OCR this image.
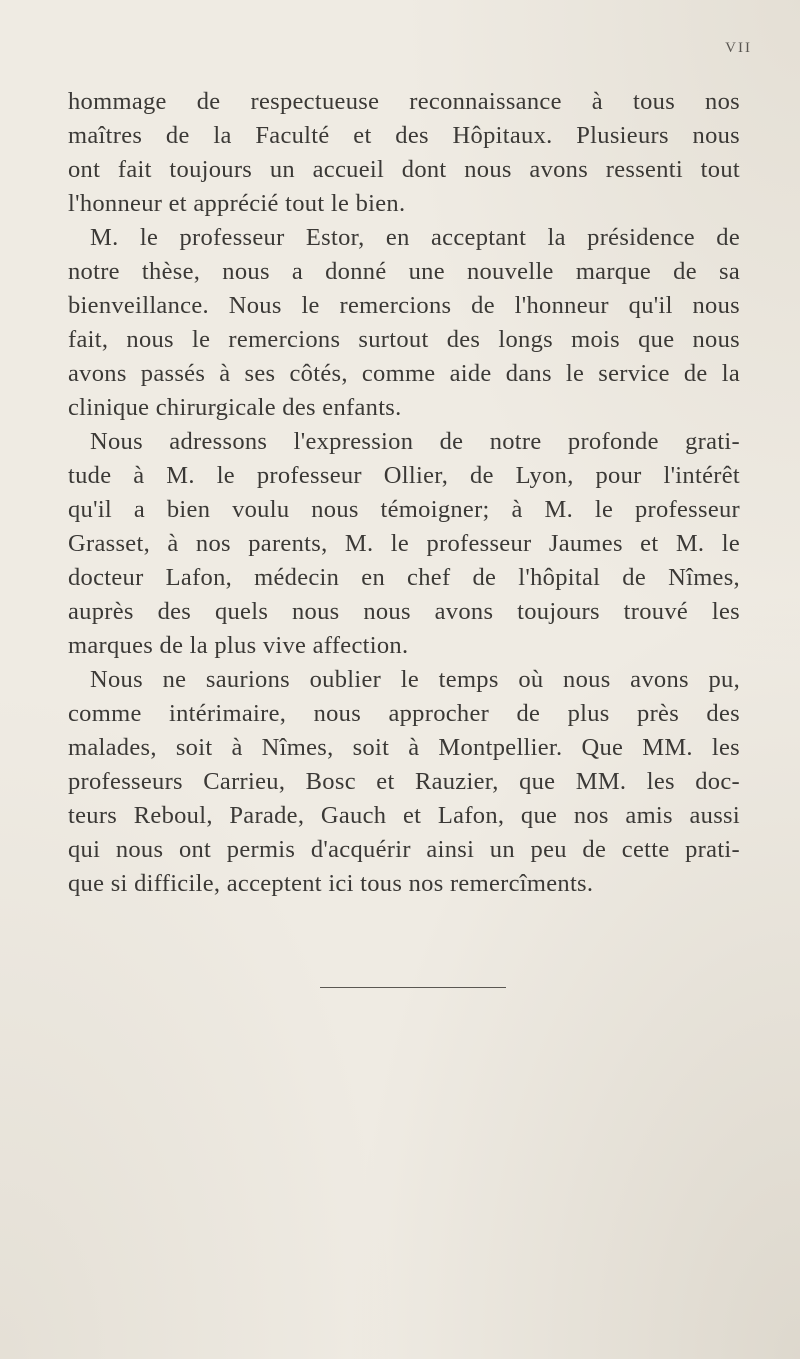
VII
hommage de respectueuse reconnaissance à tous nos
maîtres de la Faculté et des Hôpitaux. Plusieurs nous
ont fait toujours un accueil dont nous avons ressenti tout
l'honneur et apprécié tout le bien.
M. le professeur Estor, en acceptant la présidence de
notre thèse, nous a donné une nouvelle marque de sa
bienveillance. Nous le remercions de l'honneur qu'il nous
fait, nous le remercions surtout des longs mois que nous
avons passés à ses côtés, comme aide dans le service de la
clinique chirurgicale des enfants.
Nous adressons l'expression de notre profonde grati-
tude à M. le professeur Ollier, de Lyon, pour l'intérêt
qu'il a bien voulu nous témoigner; à M. le professeur
Grasset, à nos parents, M. le professeur Jaumes et M. le
docteur Lafon, médecin en chef de l'hôpital de Nîmes,
auprès des quels nous nous avons toujours trouvé les
marques de la plus vive affection.
Nous ne saurions oublier le temps où nous avons pu,
comme intérimaire, nous approcher de plus près des
malades, soit à Nîmes, soit à Montpellier. Que MM. les
professeurs Carrieu, Bosc et Rauzier, que MM. les doc-
teurs Reboul, Parade, Gauch et Lafon, que nos amis aussi
qui nous ont permis d'acquérir ainsi un peu de cette prati-
que si difficile, acceptent ici tous nos remercîments.
